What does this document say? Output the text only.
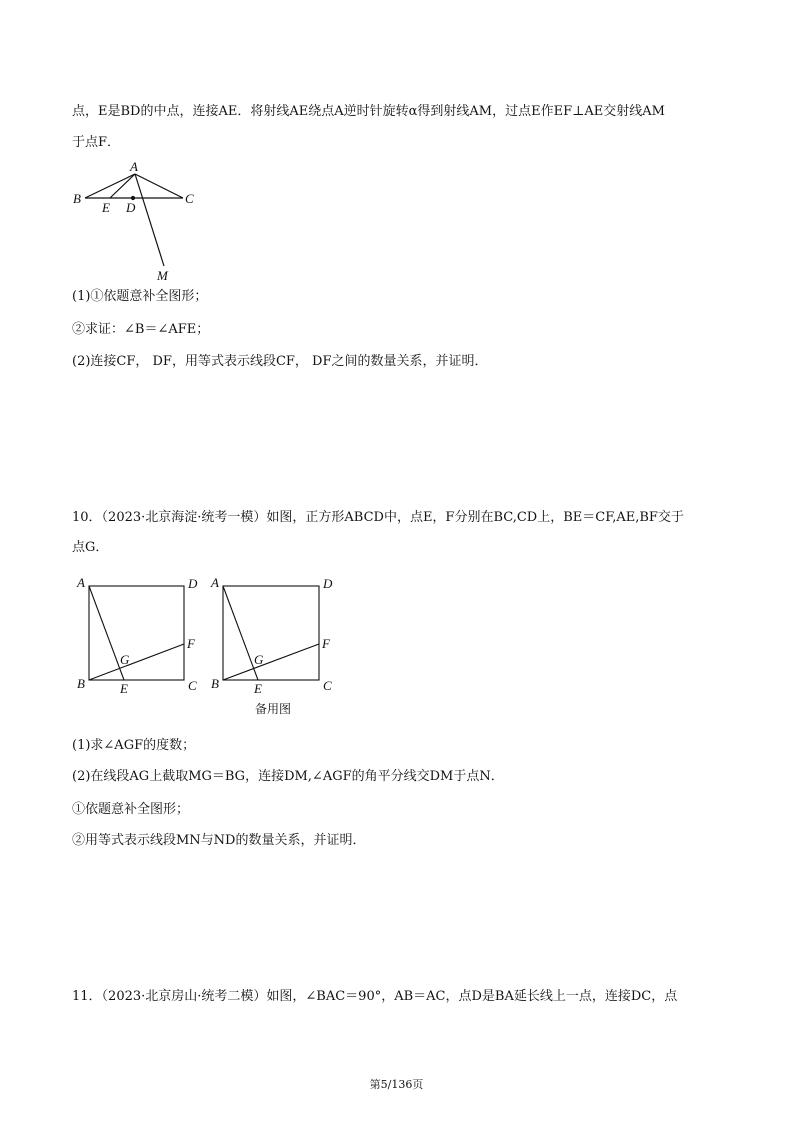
点，E是BD的中点，连接AE．将射线AE绕点A逆时针旋转α得到射线AM，过点E作EF⊥AE交射线AM
于点F．
A
B
E D
C
M
A	D
B	C
E
F
G
A	D
B	C
E
F
G
(1)①依题意补全图形；
②求证：∠B＝∠AFE；
(2)连接CF， DF，用等式表示线段CF， DF之间的数量关系，并证明．
10．（2023·北京海淀·统考一模）如图，正方形ABCD中，点E，F分别在BC,CD上，BE＝CF,AE,BF交于
点G．
备用图
(1)求∠AGF的度数；
(2)在线段AG上截取MG＝BG，连接DM,∠AGF的角平分线交DM于点N．
①依题意补全图形；
②用等式表示线段MN与ND的数量关系，并证明．
11．（2023·北京房山·统考二模）如图，∠BAC＝90°，AB＝AC，点D是BA延长线上一点，连接DC，点
第5/136页
